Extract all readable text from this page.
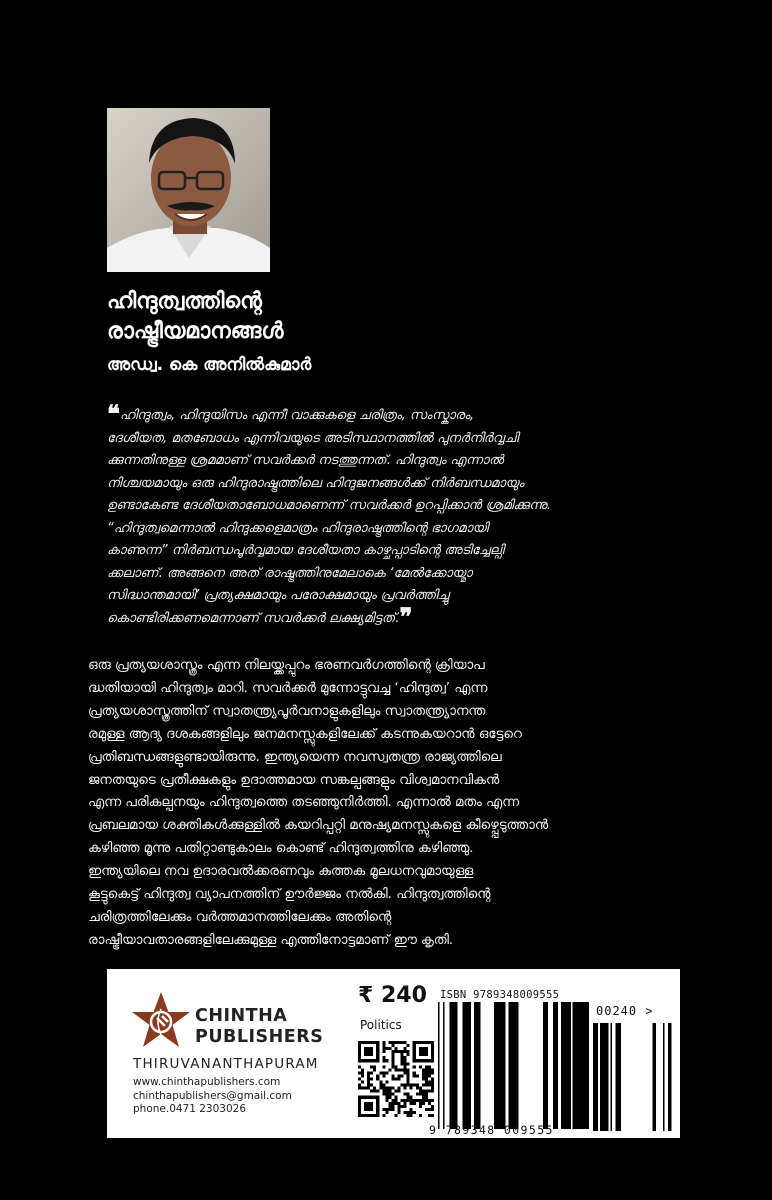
ഹിന്ദുത്വത്തിന്റെ
രാഷ്ട്രീയമാനങ്ങൾ
അഡ്വ. കെ അനിൽകുമാർ
❝ഹിന്ദുത്വം, ഹിന്ദുയിസം എന്നീ വാക്കുകളെ ചരിത്രം, സംസ്കാരം,
ദേശീയത, മതബോധം എന്നിവയുടെ അടിസ്ഥാനത്തിൽ പുനർനിർവ്വചി
ക്കുന്നതിനുള്ള ശ്രമമാണ് സവർക്കർ നടത്തുന്നത്. ഹിന്ദുത്വം എന്നാൽ
നിശ്ചയമായും ഒരു ഹിന്ദുരാഷ്ട്രത്തിലെ ഹിന്ദുജനങ്ങൾക്ക് നിർബന്ധമായും
ഉണ്ടാകേണ്ട ദേശീയതാബോധമാണെന്ന് സവർക്കർ ഉറപ്പിക്കാൻ ശ്രമിക്കുന്നു.
“ഹിന്ദുത്വമെന്നാൽ ഹിന്ദുക്കളെമാത്രം ഹിന്ദുരാഷ്ട്രത്തിന്റെ ഭാഗമായി
കാണുന്ന” നിർബന്ധപൂർവ്വമായ ദേശീയതാ കാഴ്ചപ്പാടിന്റെ അടിച്ചേല്പി
ക്കലാണ്. അങ്ങനെ അത് രാഷ്ട്രത്തിനുമേലാകെ ‘മേൽക്കോയ്മാ
സിദ്ധാന്തമായി’ പ്രത്യക്ഷമായും പരോക്ഷമായും പ്രവർത്തിച്ചു
കൊണ്ടിരിക്കണമെന്നാണ് സവർക്കർ ലക്ഷ്യമിട്ടത്.❞
ഒരു പ്രത്യയശാസ്ത്രം എന്ന നിലയ്ക്കപ്പുറം ഭരണവർഗത്തിന്റെ ക്രിയാപ
ദ്ധതിയായി ഹിന്ദുത്വം മാറി. സവർക്കർ മുന്നോട്ടുവച്ച ‘ഹിന്ദുത്വ’ എന്ന
പ്രത്യയശാസ്ത്രത്തിന് സ്വാതന്ത്ര്യപൂർവനാളുകളിലും സ്വാതന്ത്ര്യാനന്ത
രമുള്ള ആദ്യ ദശകങ്ങളിലും ജനമനസ്സുകളിലേക്ക് കടന്നുകയറാൻ ഒട്ടേറെ
പ്രതിബന്ധങ്ങളുണ്ടായിരുന്നു. ഇന്ത്യയെന്ന നവസ്വതന്ത്ര രാജ്യത്തിലെ
ജനതയുടെ പ്രതീക്ഷകളും ഉദാത്തമായ സങ്കല്പങ്ങളും വിശ്വമാനവികൻ
എന്ന പരികല്പനയും ഹിന്ദുത്വത്തെ തടഞ്ഞുനിർത്തി. എന്നാൽ മതം എന്ന
പ്രബലമായ ശക്തികൾക്കുള്ളിൽ കയറിപ്പറ്റി മനുഷ്യമനസ്സുകളെ കീഴ്പ്പെടുത്താൻ
കഴിഞ്ഞ മൂന്നു പതിറ്റാണ്ടുകാലം കൊണ്ട് ഹിന്ദുത്വത്തിനു കഴിഞ്ഞു.
ഇന്ത്യയിലെ നവ ഉദാരവൽക്കരണവും കുത്തക മൂലധനവുമായുള്ള
കൂട്ടുകെട്ട് ഹിന്ദുത്വ വ്യാപനത്തിന് ഊർജ്ജം നൽകി. ഹിന്ദുത്വത്തിന്റെ
ചരിത്രത്തിലേക്കും വർത്തമാനത്തിലേക്കും അതിന്റെ
രാഷ്ട്രീയാവതാരങ്ങളിലേക്കുമുള്ള എത്തിനോട്ടമാണ് ഈ കൃതി.
CHINTHA
PUBLISHERS
THIRUVANANTHAPURAM
www.chinthapublishers.com
chinthapublishers@gmail.com
phone.0471 2303026
₹ 240
Politics
ISBN 9789348009555
9 789348 009555
00240 >
